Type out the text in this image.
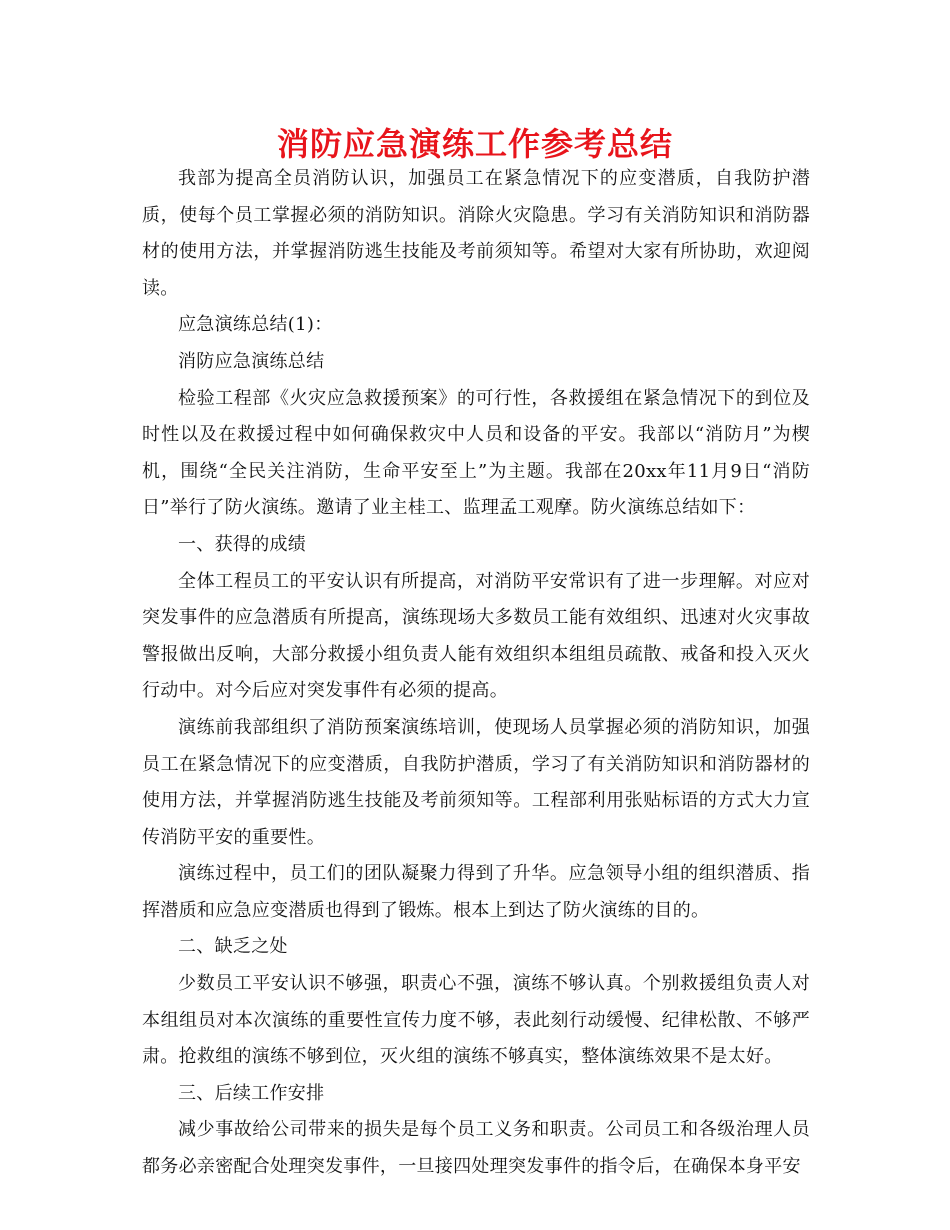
消防应急演练工作参考总结

我部为提高全员消防认识，加强员工在紧急情况下的应变潜质，自我防护潜质，使每个员工掌握必须的消防知识。消除火灾隐患。学习有关消防知识和消防器材的使用方法，并掌握消防逃生技能及考前须知等。希望对大家有所协助，欢迎阅读。

应急演练总结(1)：

消防应急演练总结

检验工程部《火灾应急救援预案》的可行性，各救援组在紧急情况下的到位及时性以及在救援过程中如何确保救灾中人员和设备的平安。我部以“消防月”为楔机，围绕“全民关注消防，生命平安至上”为主题。我部在20xx年11月9日“消防日”举行了防火演练。邀请了业主桂工、监理孟工观摩。防火演练总结如下：

一、获得的成绩

全体工程员工的平安认识有所提高，对消防平安常识有了进一步理解。对应对突发事件的应急潜质有所提高，演练现场大多数员工能有效组织、迅速对火灾事故警报做出反响，大部分救援小组负责人能有效组织本组组员疏散、戒备和投入灭火行动中。对今后应对突发事件有必须的提高。

演练前我部组织了消防预案演练培训，使现场人员掌握必须的消防知识，加强员工在紧急情况下的应变潜质，自我防护潜质，学习了有关消防知识和消防器材的使用方法，并掌握消防逃生技能及考前须知等。工程部利用张贴标语的方式大力宣传消防平安的重要性。

演练过程中，员工们的团队凝聚力得到了升华。应急领导小组的组织潜质、指挥潜质和应急应变潜质也得到了锻炼。根本上到达了防火演练的目的。

二、缺乏之处

少数员工平安认识不够强，职责心不强，演练不够认真。个别救援组负责人对本组组员对本次演练的重要性宣传力度不够，表此刻行动缓慢、纪律松散、不够严肃。抢救组的演练不够到位，灭火组的演练不够真实，整体演练效果不是太好。

三、后续工作安排

减少事故给公司带来的损失是每个员工义务和职责。公司员工和各级治理人员都务必亲密配合处理突发事件，一旦接四处理突发事件的指令后，在确保本身平安
